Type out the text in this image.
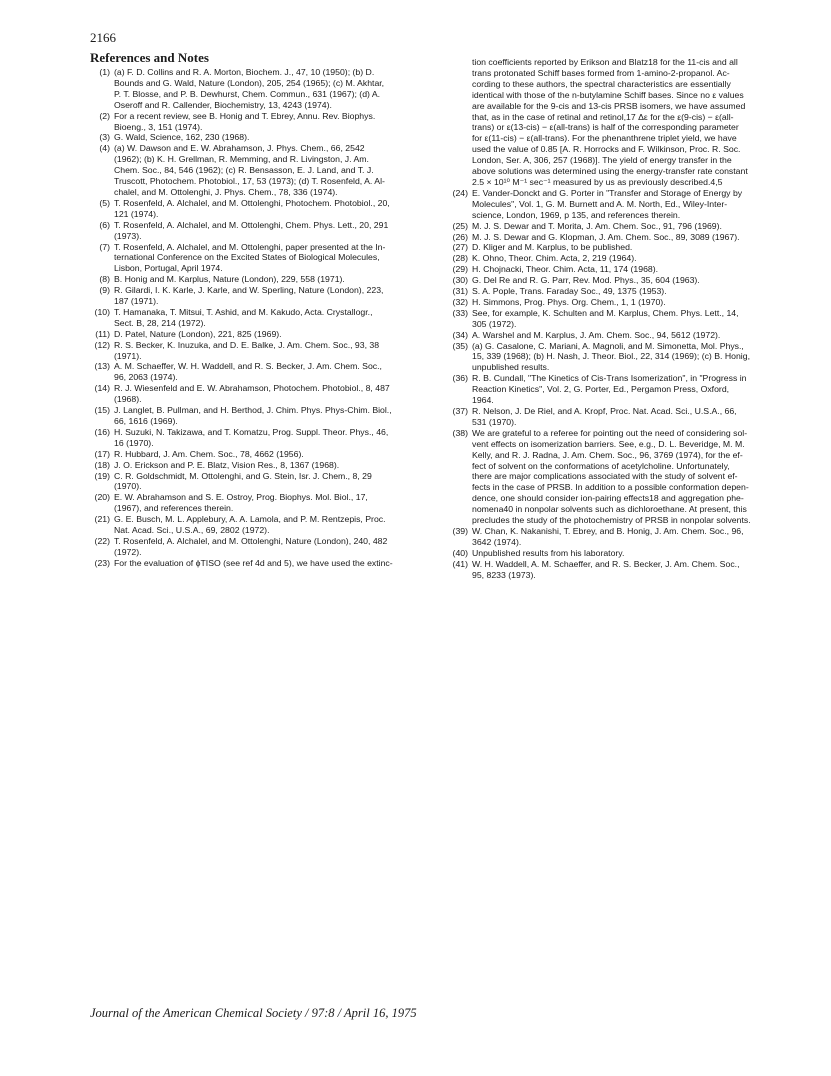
2166
References and Notes
(1) (a) F. D. Collins and R. A. Morton, Biochem. J., 47, 10 (1950); (b) D.
Bounds and G. Wald, Nature (London), 205, 254 (1965); (c) M. Akhtar,
P. T. Blosse, and P. B. Dewhurst, Chem. Commun., 631 (1967); (d) A.
Oseroff and R. Callender, Biochemistry, 13, 4243 (1974).
(2) For a recent review, see B. Honig and T. Ebrey, Annu. Rev. Biophys.
Bioeng., 3, 151 (1974).
(3) G. Wald, Science, 162, 230 (1968).
(4) (a) W. Dawson and E. W. Abrahamson, J. Phys. Chem., 66, 2542
(1962); (b) K. H. Grellman, R. Memming, and R. Livingston, J. Am.
Chem. Soc., 84, 546 (1962); (c) R. Bensasson, E. J. Land, and T. J.
Truscott, Photochem. Photobiol., 17, 53 (1973); (d) T. Rosenfeld, A. Al-
chalel, and M. Ottolenghi, J. Phys. Chem., 78, 336 (1974).
(5) T. Rosenfeld, A. Alchalel, and M. Ottolenghi, Photochem. Photobiol., 20,
121 (1974).
(6) T. Rosenfeld, A. Alchalel, and M. Ottolenghi, Chem. Phys. Lett., 20, 291
(1973).
(7) T. Rosenfeld, A. Alchalel, and M. Ottolenghi, paper presented at the In-
ternational Conference on the Excited States of Biological Molecules,
Lisbon, Portugal, April 1974.
(8) B. Honig and M. Karplus, Nature (London), 229, 558 (1971).
(9) R. Gilardi, I. K. Karle, J. Karle, and W. Sperling, Nature (London), 223,
187 (1971).
(10) T. Hamanaka, T. Mitsui, T. Ashid, and M. Kakudo, Acta. Crystallogr.,
Sect. B, 28, 214 (1972).
(11) D. Patel, Nature (London), 221, 825 (1969).
(12) R. S. Becker, K. Inuzuka, and D. E. Balke, J. Am. Chem. Soc., 93, 38
(1971).
(13) A. M. Schaeffer, W. H. Waddell, and R. S. Becker, J. Am. Chem. Soc.,
96, 2063 (1974).
(14) R. J. Wiesenfeld and E. W. Abrahamson, Photochem. Photobiol., 8, 487
(1968).
(15) J. Langlet, B. Pullman, and H. Berthod, J. Chim. Phys. Phys-Chim. Biol.,
66, 1616 (1969).
(16) H. Suzuki, N. Takizawa, and T. Komatzu, Prog. Suppl. Theor. Phys., 46,
16 (1970).
(17) R. Hubbard, J. Am. Chem. Soc., 78, 4662 (1956).
(18) J. O. Erickson and P. E. Blatz, Vision Res., 8, 1367 (1968).
(19) C. R. Goldschmidt, M. Ottolenghi, and G. Stein, Isr. J. Chem., 8, 29
(1970).
(20) E. W. Abrahamson and S. E. Ostroy, Prog. Biophys. Mol. Biol., 17,
(1967), and references therein.
(21) G. E. Busch, M. L. Applebury, A. A. Lamola, and P. M. Rentzepis, Proc.
Nat. Acad. Sci., U.S.A., 69, 2802 (1972).
(22) T. Rosenfeld, A. Alchalel, and M. Ottolenghi, Nature (London), 240, 482
(1972).
(23) For the evaluation of ϕTISO (see ref 4d and 5), we have used the extinc-
tion coefficients reported by Erikson and Blatz18 for the 11-cis and all
trans protonated Schiff bases formed from 1-amino-2-propanol. Ac-
cording to these authors, the spectral characteristics are essentially
identical with those of the n-butylamine Schiff bases. Since no ε values
are available for the 9-cis and 13-cis PRSB isomers, we have assumed
that, as in the case of retinal and retinol,17 Δε for the ε(9-cis) − ε(all-
trans) or ε(13-cis) − ε(all-trans) is half of the corresponding parameter
for ε(11-cis) − ε(all-trans). For the phenanthrene triplet yield, we have
used the value of 0.85 [A. R. Horrocks and F. Wilkinson, Proc. R. Soc.
London, Ser. A, 306, 257 (1968)]. The yield of energy transfer in the
above solutions was determined using the energy-transfer rate constant
2.5 × 10¹⁰ M⁻¹ sec⁻¹ measured by us as previously described.4,5
(24) E. Vander-Donckt and G. Porter in "Transfer and Storage of Energy by
Molecules", Vol. 1, G. M. Burnett and A. M. North, Ed., Wiley-Inter-
science, London, 1969, p 135, and references therein.
(25) M. J. S. Dewar and T. Morita, J. Am. Chem. Soc., 91, 796 (1969).
(26) M. J. S. Dewar and G. Klopman, J. Am. Chem. Soc., 89, 3089 (1967).
(27) D. Kliger and M. Karplus, to be published.
(28) K. Ohno, Theor. Chim. Acta, 2, 219 (1964).
(29) H. Chojnacki, Theor. Chim. Acta, 11, 174 (1968).
(30) G. Del Re and R. G. Parr, Rev. Mod. Phys., 35, 604 (1963).
(31) S. A. Pople, Trans. Faraday Soc., 49, 1375 (1953).
(32) H. Simmons, Prog. Phys. Org. Chem., 1, 1 (1970).
(33) See, for example, K. Schulten and M. Karplus, Chem. Phys. Lett., 14,
305 (1972).
(34) A. Warshel and M. Karplus, J. Am. Chem. Soc., 94, 5612 (1972).
(35) (a) G. Casalone, C. Mariani, A. Magnoli, and M. Simonetta, Mol. Phys.,
15, 339 (1968); (b) H. Nash, J. Theor. Biol., 22, 314 (1969); (c) B. Honig,
unpublished results.
(36) R. B. Cundall, "The Kinetics of Cis-Trans Isomerization", in "Progress in
Reaction Kinetics", Vol. 2, G. Porter, Ed., Pergamon Press, Oxford,
1964.
(37) R. Nelson, J. De Riel, and A. Kropf, Proc. Nat. Acad. Sci., U.S.A., 66,
531 (1970).
(38) We are grateful to a referee for pointing out the need of considering sol-
vent effects on isomerization barriers. See, e.g., D. L. Beveridge, M. M.
Kelly, and R. J. Radna, J. Am. Chem. Soc., 96, 3769 (1974), for the ef-
fect of solvent on the conformations of acetylcholine. Unfortunately,
there are major complications associated with the study of solvent ef-
fects in the case of PRSB. In addition to a possible conformation depen-
dence, one should consider ion-pairing effects18 and aggregation phe-
nomena40 in nonpolar solvents such as dichloroethane. At present, this
precludes the study of the photochemistry of PRSB in nonpolar solvents.
(39) W. Chan, K. Nakanishi, T. Ebrey, and B. Honig, J. Am. Chem. Soc., 96,
3642 (1974).
(40) Unpublished results from his laboratory.
(41) W. H. Waddell, A. M. Schaeffer, and R. S. Becker, J. Am. Chem. Soc.,
95, 8233 (1973).
Journal of the American Chemical Society / 97:8 / April 16, 1975
